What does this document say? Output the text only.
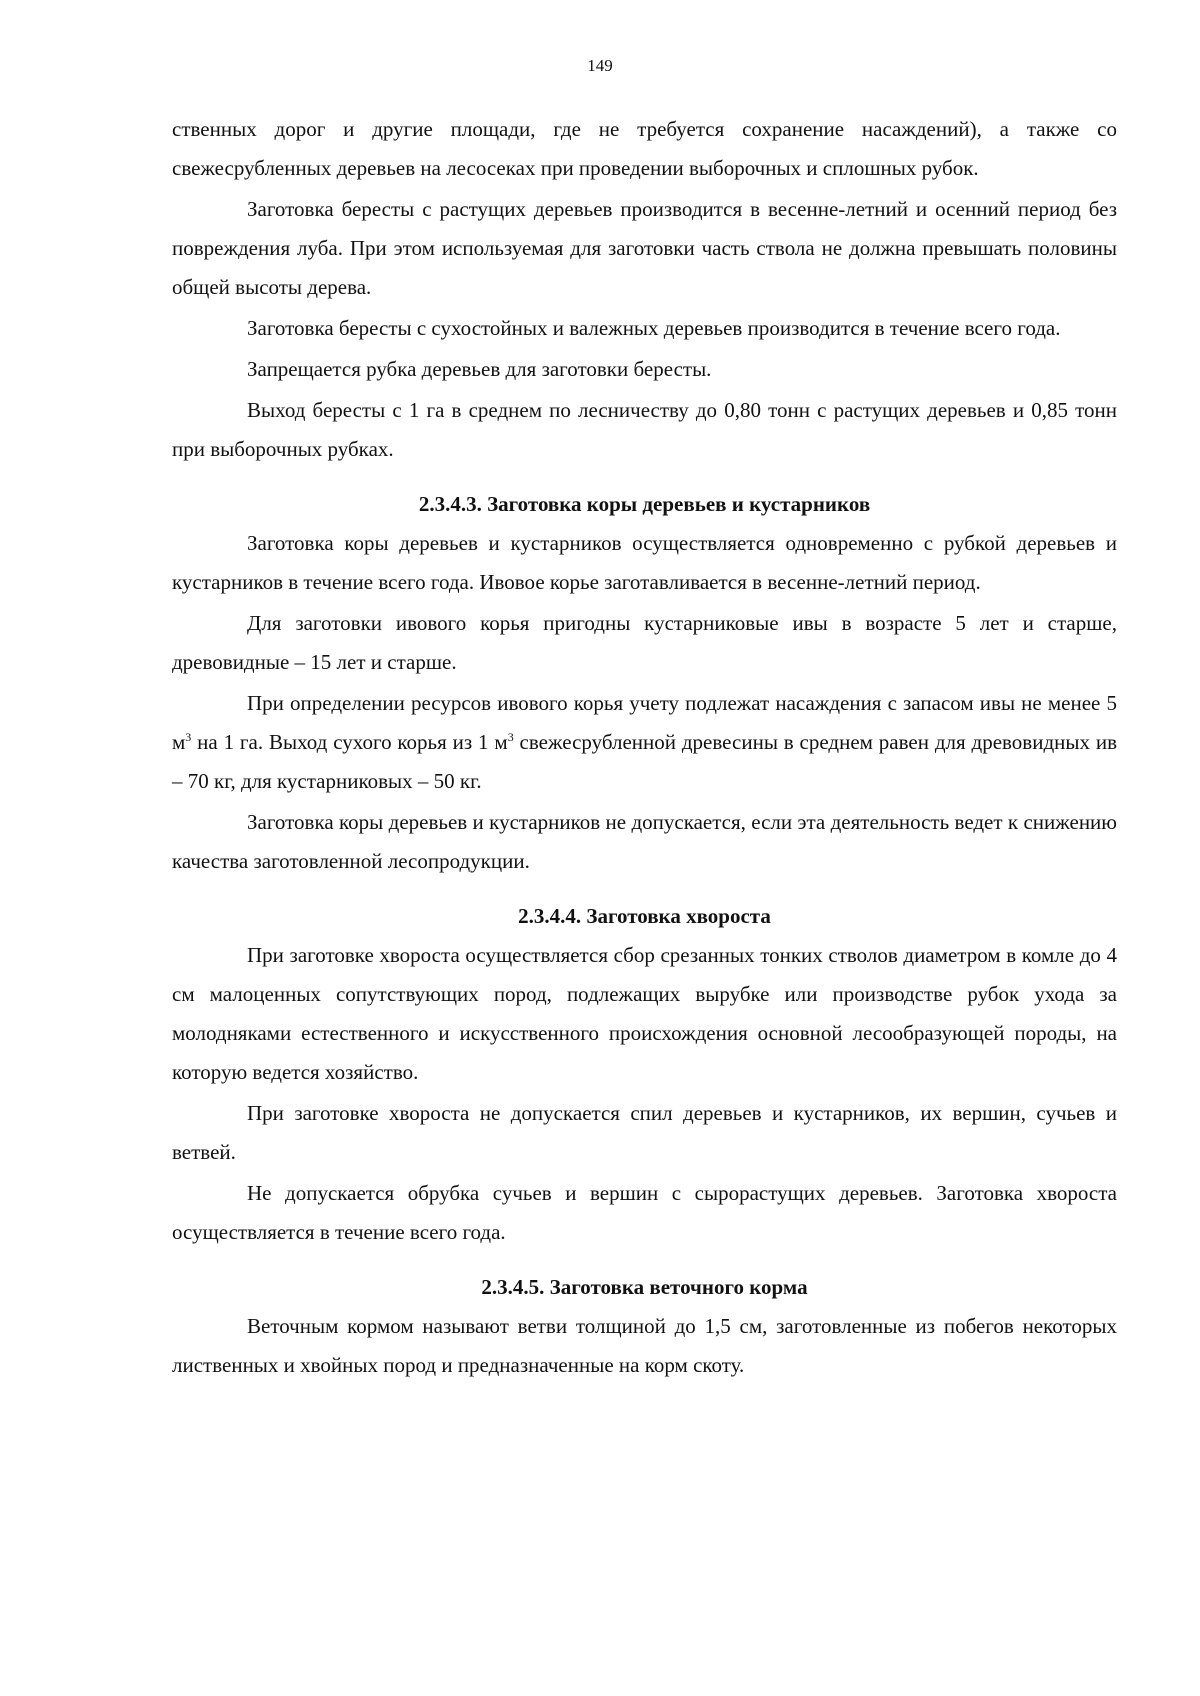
149

ственных дорог и другие площади, где не требуется сохранение насаждений), а также со свежесрубленных деревьев на лесосеках при проведении выборочных и сплошных рубок.

Заготовка бересты с растущих деревьев производится в весенне-летний и осенний период без повреждения луба. При этом используемая для заготовки часть ствола не должна превышать половины общей высоты дерева.

Заготовка бересты с сухостойных и валежных деревьев производится в течение всего года.

Запрещается рубка деревьев для заготовки бересты.

Выход бересты с 1 га в среднем по лесничеству до 0,80 тонн с растущих деревьев и 0,85 тонн при выборочных рубках.

2.3.4.3. Заготовка коры деревьев и кустарников

Заготовка коры деревьев и кустарников осуществляется одновременно с рубкой деревьев и кустарников в течение всего года. Ивовое корье заготавливается в весенне-летний период.

Для заготовки ивового корья пригодны кустарниковые ивы в возрасте 5 лет и старше, древовидные – 15 лет и старше.

При определении ресурсов ивового корья учету подлежат насаждения с запасом ивы не менее 5 $м^3$ на 1 га. Выход сухого корья из 1 $м^3$ свежесрубленной древесины в среднем равен для древовидных ив – 70 кг, для кустарниковых – 50 кг.

Заготовка коры деревьев и кустарников не допускается, если эта деятельность ведет к снижению качества заготовленной лесопродукции.

2.3.4.4. Заготовка хвороста

При заготовке хвороста осуществляется сбор срезанных тонких стволов диаметром в комле до 4 см малоценных сопутствующих пород, подлежащих вырубке или производстве рубок ухода за молодняками естественного и искусственного происхождения основной лесообразующей породы, на которую ведется хозяйство.

При заготовке хвороста не допускается спил деревьев и кустарников, их вершин, сучьев и ветвей.

Не допускается обрубка сучьев и вершин с сырорастущих деревьев. Заготовка хвороста осуществляется в течение всего года.

2.3.4.5. Заготовка веточного корма

Веточным кормом называют ветви толщиной до 1,5 см, заготовленные из побегов некоторых лиственных и хвойных пород и предназначенные на корм скоту.
